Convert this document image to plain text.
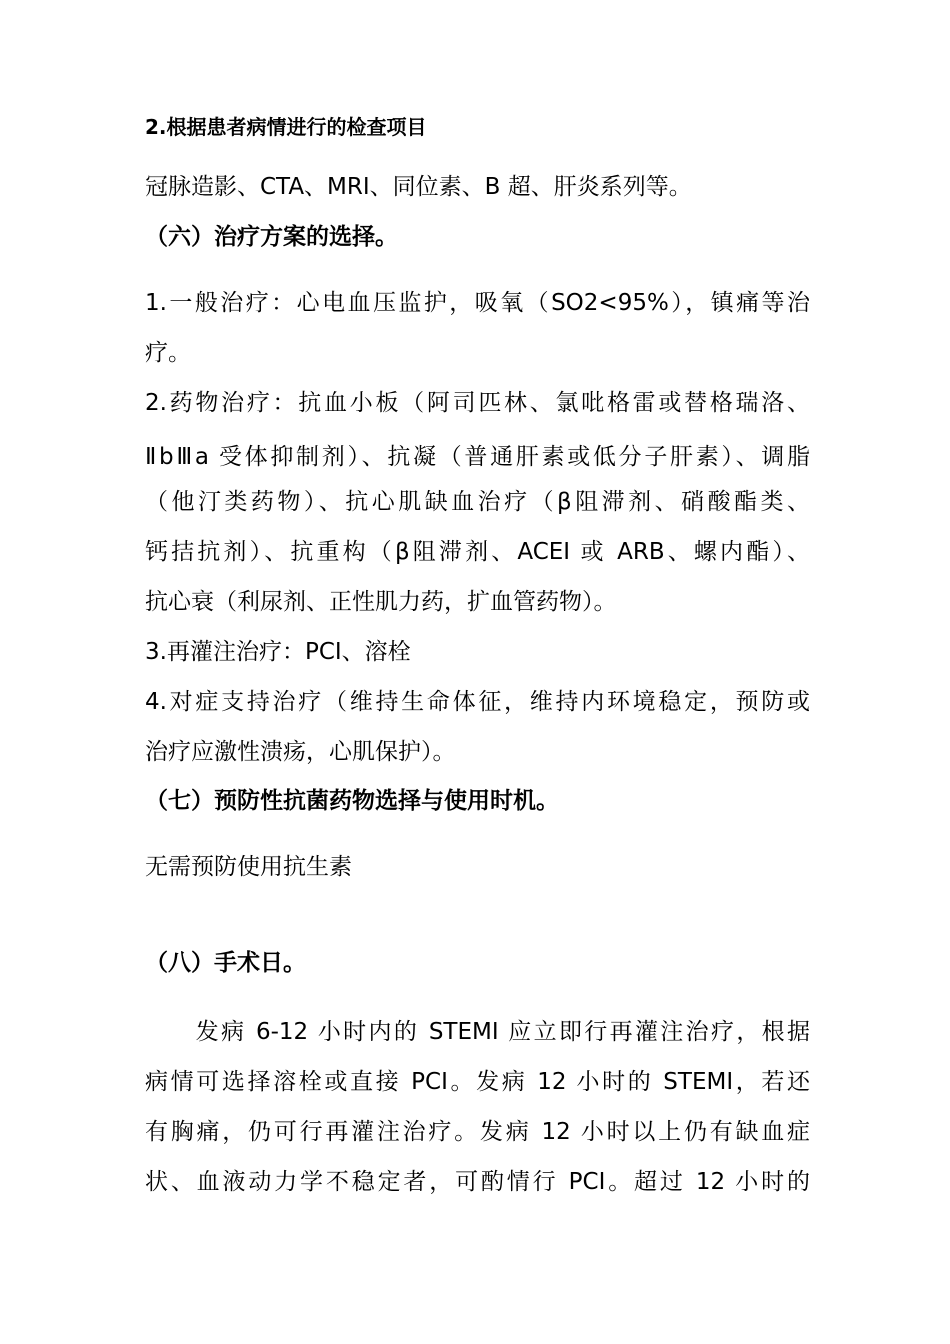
2.根据患者病情进行的检查项目
冠脉造影、CTA、MRI、同位素、B 超、肝炎系列等。
（六）治疗方案的选择。
1.一般治疗：心电血压监护，吸氧（SO2<95%），镇痛等治
疗。
2.药物治疗：抗血小板（阿司匹林、氯吡格雷或替格瑞洛、
ⅡbⅢa 受体抑制剂）、抗凝（普通肝素或低分子肝素）、调脂
（他汀类药物）、抗心肌缺血治疗（β阻滞剂、硝酸酯类、
钙拮抗剂）、抗重构（β阻滞剂、ACEI 或 ARB、螺内酯）、
抗心衰（利尿剂、正性肌力药，扩血管药物）。
3.再灌注治疗：PCI、溶栓
4.对症支持治疗（维持生命体征，维持内环境稳定，预防或
治疗应激性溃疡，心肌保护）。
（七）预防性抗菌药物选择与使用时机。
无需预防使用抗生素
（八）手术日。
　　发病 6-12 小时内的 STEMI 应立即行再灌注治疗，根据
病情可选择溶栓或直接 PCI。发病 12 小时的 STEMI，若还
有胸痛，仍可行再灌注治疗。发病 12 小时以上仍有缺血症
状、血液动力学不稳定者，可酌情行 PCI。超过 12 小时的
